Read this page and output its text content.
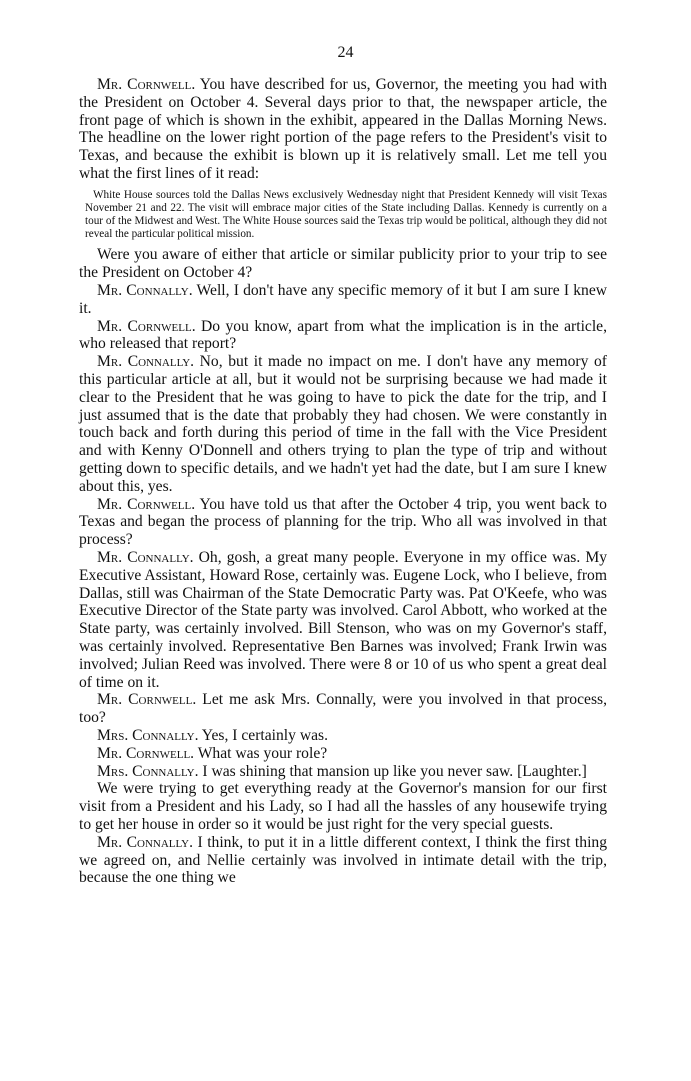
24

Mr. Cornwell. You have described for us, Governor, the meeting you had with the President on October 4. Several days prior to that, the newspaper article, the front page of which is shown in the exhibit, appeared in the Dallas Morning News. The headline on the lower right portion of the page refers to the President's visit to Texas, and because the exhibit is blown up it is relatively small. Let me tell you what the first lines of it read:

White House sources told the Dallas News exclusively Wednesday night that President Kennedy will visit Texas November 21 and 22. The visit will embrace major cities of the State including Dallas. Kennedy is currently on a tour of the Midwest and West. The White House sources said the Texas trip would be political, although they did not reveal the particular political mission.

Were you aware of either that article or similar publicity prior to your trip to see the President on October 4?

Mr. Connally. Well, I don't have any specific memory of it but I am sure I knew it.

Mr. Cornwell. Do you know, apart from what the implication is in the article, who released that report?

Mr. Connally. No, but it made no impact on me. I don't have any memory of this particular article at all, but it would not be surprising because we had made it clear to the President that he was going to have to pick the date for the trip, and I just assumed that is the date that probably they had chosen. We were constantly in touch back and forth during this period of time in the fall with the Vice President and with Kenny O'Donnell and others trying to plan the type of trip and without getting down to specific details, and we hadn't yet had the date, but I am sure I knew about this, yes.

Mr. Cornwell. You have told us that after the October 4 trip, you went back to Texas and began the process of planning for the trip. Who all was involved in that process?

Mr. Connally. Oh, gosh, a great many people. Everyone in my office was. My Executive Assistant, Howard Rose, certainly was. Eugene Lock, who I believe, from Dallas, still was Chairman of the State Democratic Party was. Pat O'Keefe, who was Executive Director of the State party was involved. Carol Abbott, who worked at the State party, was certainly involved. Bill Stenson, who was on my Governor's staff, was certainly involved. Representative Ben Barnes was involved; Frank Irwin was involved; Julian Reed was involved. There were 8 or 10 of us who spent a great deal of time on it.

Mr. Cornwell. Let me ask Mrs. Connally, were you involved in that process, too?

Mrs. Connally. Yes, I certainly was.

Mr. Cornwell. What was your role?

Mrs. Connally. I was shining that mansion up like you never saw. [Laughter.]

We were trying to get everything ready at the Governor's mansion for our first visit from a President and his Lady, so I had all the hassles of any housewife trying to get her house in order so it would be just right for the very special guests.

Mr. Connally. I think, to put it in a little different context, I think the first thing we agreed on, and Nellie certainly was involved in intimate detail with the trip, because the one thing we
